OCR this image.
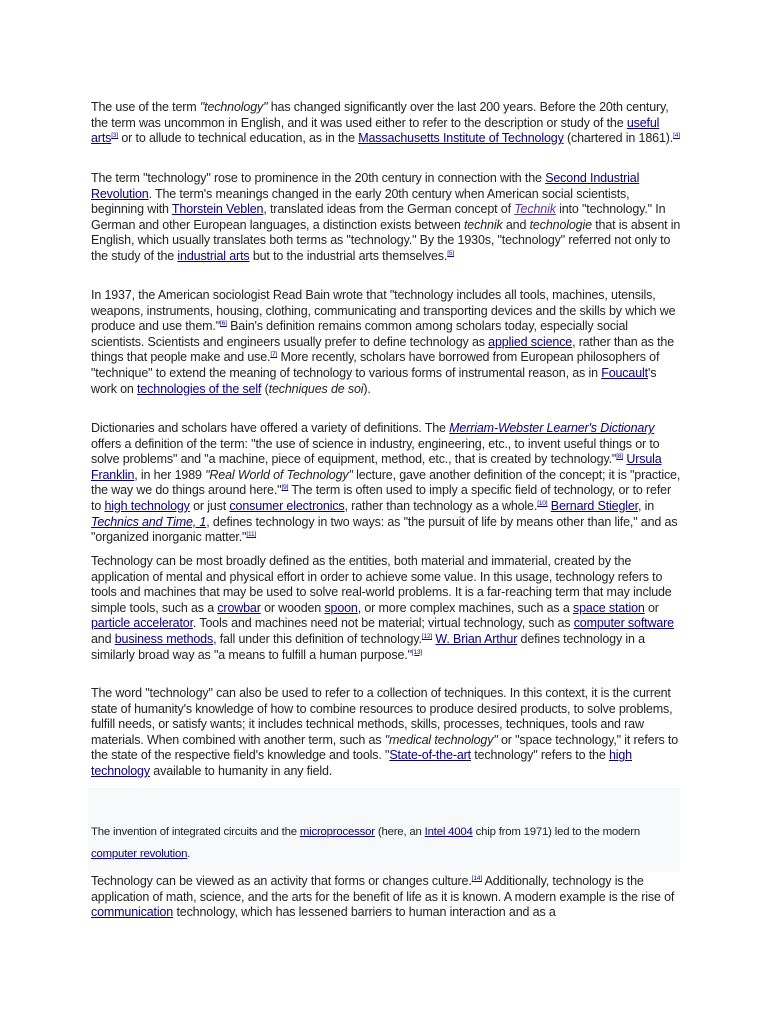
The use of the term "technology" has changed significantly over the last 200 years. Before the 20th century, the term was uncommon in English, and it was used either to refer to the description or study of the useful arts[3] or to allude to technical education, as in the Massachusetts Institute of Technology (chartered in 1861).[4]

The term "technology" rose to prominence in the 20th century in connection with the Second Industrial Revolution. The term's meanings changed in the early 20th century when American social scientists, beginning with Thorstein Veblen, translated ideas from the German concept of Technik into "technology." In German and other European languages, a distinction exists between technik and technologie that is absent in English, which usually translates both terms as "technology." By the 1930s, "technology" referred not only to the study of the industrial arts but to the industrial arts themselves.[5]

In 1937, the American sociologist Read Bain wrote that "technology includes all tools, machines, utensils, weapons, instruments, housing, clothing, communicating and transporting devices and the skills by which we produce and use them."[6] Bain's definition remains common among scholars today, especially social scientists. Scientists and engineers usually prefer to define technology as applied science, rather than as the things that people make and use.[7] More recently, scholars have borrowed from European philosophers of "technique" to extend the meaning of technology to various forms of instrumental reason, as in Foucault's work on technologies of the self (techniques de soi).

Dictionaries and scholars have offered a variety of definitions. The Merriam-Webster Learner's Dictionary offers a definition of the term: "the use of science in industry, engineering, etc., to invent useful things or to solve problems" and "a machine, piece of equipment, method, etc., that is created by technology."[8] Ursula Franklin, in her 1989 "Real World of Technology" lecture, gave another definition of the concept; it is "practice, the way we do things around here."[9] The term is often used to imply a specific field of technology, or to refer to high technology or just consumer electronics, rather than technology as a whole.[10] Bernard Stiegler, in Technics and Time, 1, defines technology in two ways: as "the pursuit of life by means other than life," and as "organized inorganic matter."[11]

Technology can be most broadly defined as the entities, both material and immaterial, created by the application of mental and physical effort in order to achieve some value. In this usage, technology refers to tools and machines that may be used to solve real-world problems. It is a far-reaching term that may include simple tools, such as a crowbar or wooden spoon, or more complex machines, such as a space station or particle accelerator. Tools and machines need not be material; virtual technology, such as computer software and business methods, fall under this definition of technology.[12] W. Brian Arthur defines technology in a similarly broad way as "a means to fulfill a human purpose."[13]

The word "technology" can also be used to refer to a collection of techniques. In this context, it is the current state of humanity's knowledge of how to combine resources to produce desired products, to solve problems, fulfill needs, or satisfy wants; it includes technical methods, skills, processes, techniques, tools and raw materials. When combined with another term, such as "medical technology" or "space technology," it refers to the state of the respective field's knowledge and tools. "State-of-the-art technology" refers to the high technology available to humanity in any field.

The invention of integrated circuits and the microprocessor (here, an Intel 4004 chip from 1971) led to the modern computer revolution.

Technology can be viewed as an activity that forms or changes culture.[14] Additionally, technology is the application of math, science, and the arts for the benefit of life as it is known. A modern example is the rise of communication technology, which has lessened barriers to human interaction and as a
